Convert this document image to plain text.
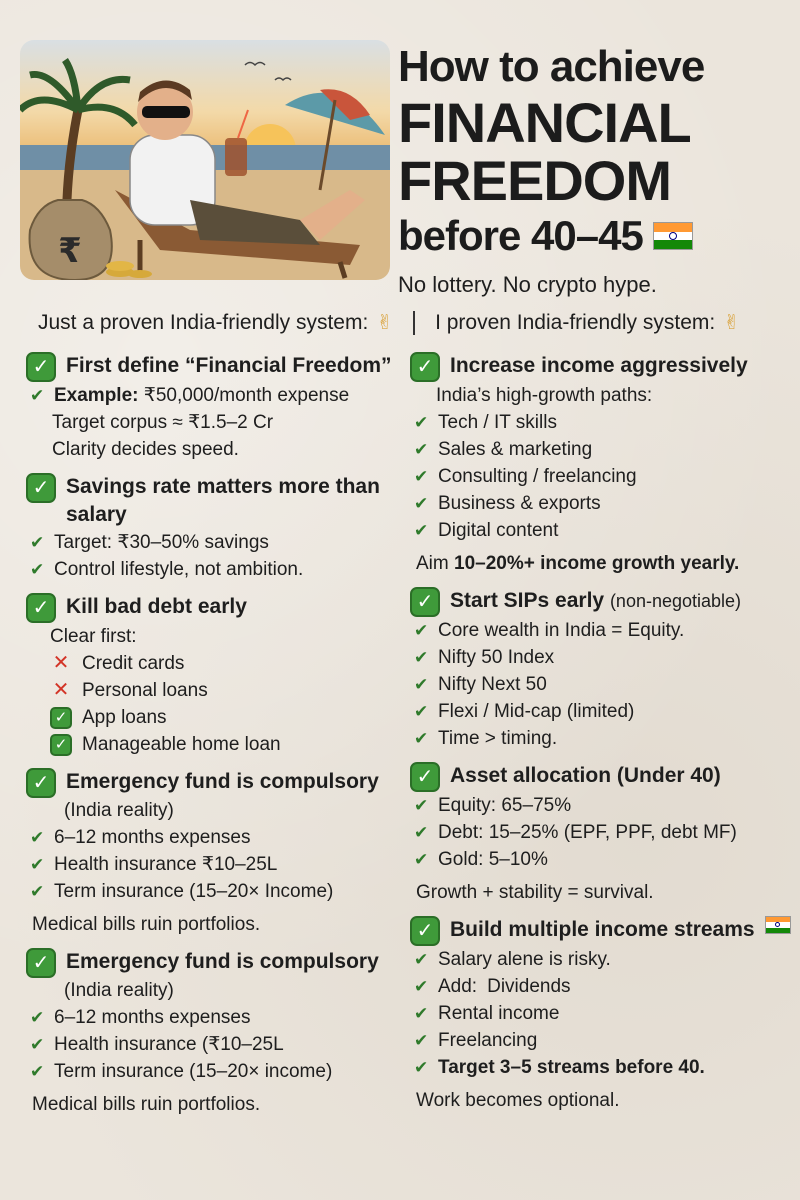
₹
How to achieve
FINANCIAL
FREEDOM
before 40–45
No lottery. No crypto hype.
Just a proven India-friendly system: ✌ I proven India-friendly system: ✌
✓ First define “Financial Freedom”
✔ Example: ₹50,000/month expense
Target corpus ≈ ₹1.5–2 Cr
Clarity decides speed.
✓ Savings rate matters more than salary
✔ Target: ₹30–50% savings
✔ Control lifestyle, not ambition.
✓ Kill bad debt early
Clear first:
✕ Credit cards
✕ Personal loans
✓ App loans
✓ Manageable home loan
✓ Emergency fund is compulsory
(India reality)
✔ 6–12 months expenses
✔ Health insurance ₹10–25L
✔ Term insurance (15–20× Income)
Medical bills ruin portfolios.
✓ Emergency fund is compulsory
(India reality)
✔ 6–12 months expenses
✔ Health insurance (₹10–25L
✔ Term insurance (15–20× income)
Medical bills ruin portfolios.
✓ Increase income aggressively
India’s high-growth paths:
✔ Tech / IT skills
✔ Sales & marketing
✔ Consulting / freelancing
✔ Business & exports
✔ Digital content
Aim 10–20%+ income growth yearly.
✓ Start SIPs early (non-negotiable)
✔ Core wealth in India = Equity.
✔ Nifty 50 Index
✔ Nifty Next 50
✔ Flexi / Mid-cap (limited)
✔ Time > timing.
✓ Asset allocation (Under 40)
✔ Equity: 65–75%
✔ Debt: 15–25% (EPF, PPF, debt MF)
✔ Gold: 5–10%
Growth + stability = survival.
✓ Build multiple income streams
✔ Salary alene is risky.
✔ Add: Dividends
✔ Rental income
✔ Freelancing
✔ Target 3–5 streams before 40.
Work becomes optional.
